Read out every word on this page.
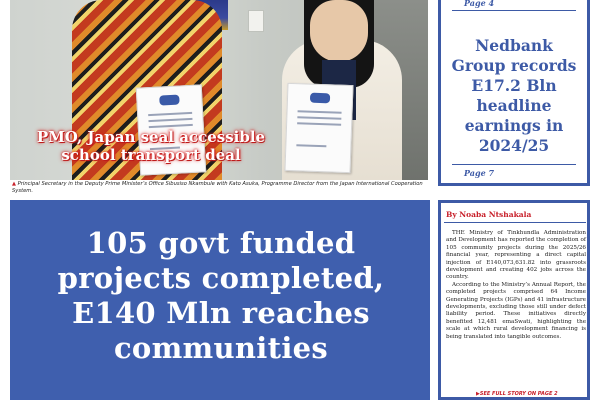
PMO, Japan seal accessible
school transport deal
▲ Principal Secretary in the Deputy Prime Minister’s Office Sibusiso Nkambule with Kato Asuka, Programme Director from the Japan International Cooperation System.
Page 4
Nedbank Group records E17.2 Bln headline earnings in 2024/25
Page 7
105 govt funded projects completed, E140 Mln reaches communities
By Noaba Ntshakala

THE Ministry of Tinkhundla Administration and Development has reported the completion of 105 community projects during the 2025/26 financial year, representing a direct capital injection of E140,073,631.82 into grassroots development and creating 402 jobs across the country.

According to the Ministry’s Annual Report, the completed projects comprised 64 Income Generating Projects (IGPs) and 41 infrastructure developments, excluding those still under defect liability period. These initiatives directly benefited 12,481 emaSwati, highlighting the scale at which rural development financing is being translated into tangible outcomes.

▶SEE FULL STORY ON PAGE 2
